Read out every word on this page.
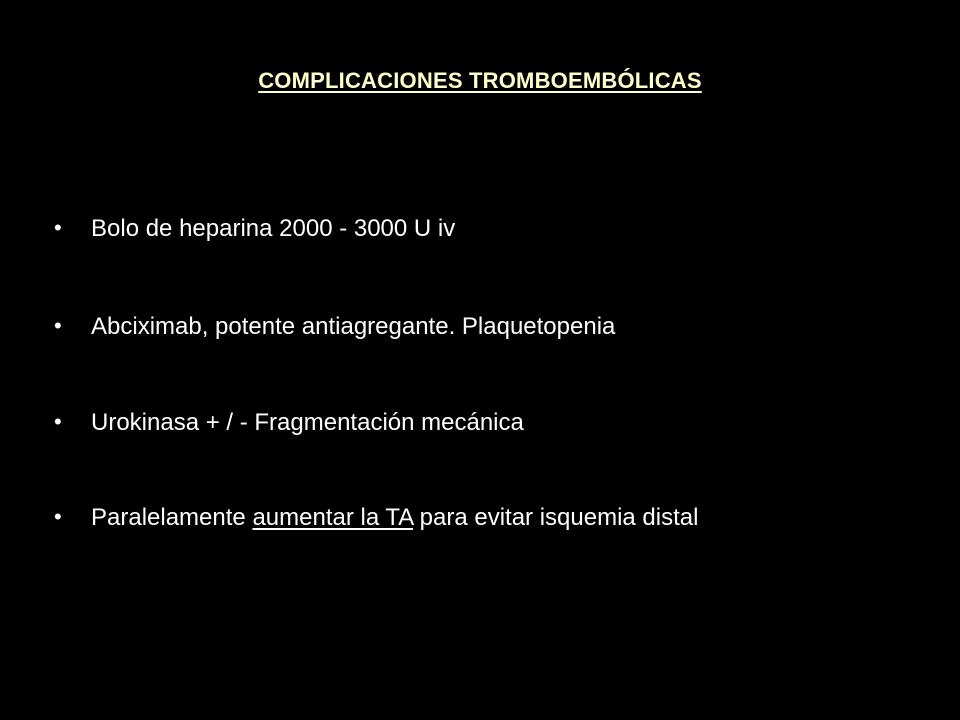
COMPLICACIONES TROMBOEMBÓLICAS
• Bolo de heparina 2000 - 3000 U iv
• Abciximab, potente antiagregante. Plaquetopenia
• Urokinasa + / - Fragmentación mecánica
• Paralelamente aumentar la TA para evitar isquemia distal
